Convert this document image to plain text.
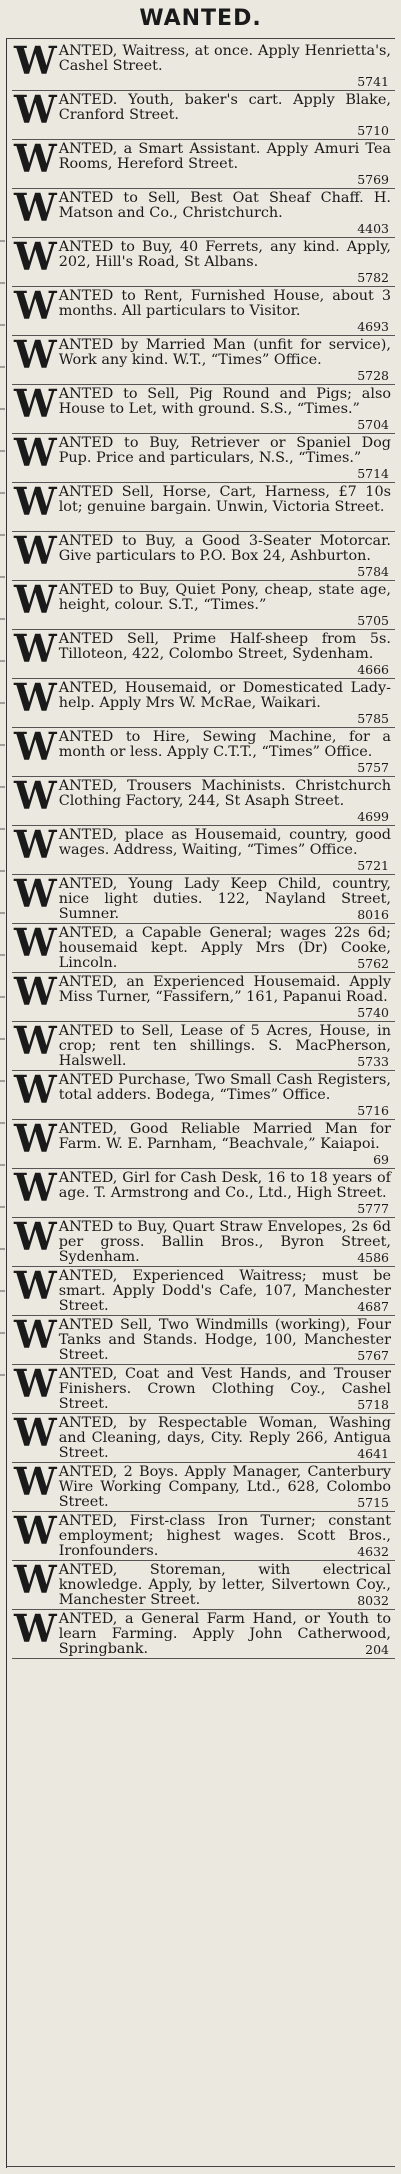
WANTED.
WANTED, Waitress, at once. Apply Henrietta's, Cashel Street.
5741
WANTED. Youth, baker's cart. Apply Blake, Cranford Street.
5710
WANTED, a Smart Assistant. Apply Amuri Tea Rooms, Hereford Street.
5769
WANTED to Sell, Best Oat Sheaf Chaff. H. Matson and Co., Christchurch.
4403
WANTED to Buy, 40 Ferrets, any kind. Apply, 202, Hill's Road, St Albans.
5782
WANTED to Rent, Furnished House, about 3 months. All particulars to Visitor.
4693
WANTED by Married Man (unfit for service), Work any kind. W.T., “Times” Office.
5728
WANTED to Sell, Pig Round and Pigs; also House to Let, with ground. S.S., “Times.”
5704
WANTED to Buy, Retriever or Spaniel Dog Pup. Price and particulars, N.S., “Times.”
5714
WANTED Sell, Horse, Cart, Harness, £7 10s lot; genuine bargain. Unwin, Victoria Street.
WANTED to Buy, a Good 3-Seater Motorcar. Give particulars to P.O. Box 24, Ashburton.
5784
WANTED to Buy, Quiet Pony, cheap, state age, height, colour. S.T., “Times.”
5705
WANTED Sell, Prime Half-sheep from 5s. Tilloteon, 422, Colombo Street, Sydenham.
4666
WANTED, Housemaid, or Domesticated Lady-help. Apply Mrs W. McRae, Waikari.
5785
WANTED to Hire, Sewing Machine, for a month or less. Apply C.T.T., “Times” Office.
5757
WANTED, Trousers Machinists. Christchurch Clothing Factory, 244, St Asaph Street.
4699
WANTED, place as Housemaid, country, good wages. Address, Waiting, “Times” Office.
5721
WANTED, Young Lady Keep Child, country, nice light duties. 122, Nayland Street, Sumner.	8016
WANTED, a Capable General; wages 22s 6d; housemaid kept. Apply Mrs (Dr) Cooke, Lincoln.	5762
WANTED, an Experienced Housemaid. Apply Miss Turner, “Fassifern,” 161, Papanui Road.
5740
WANTED to Sell, Lease of 5 Acres, House, in crop; rent ten shillings. S. MacPherson, Halswell.	5733
WANTED Purchase, Two Small Cash Registers, total adders. Bodega, “Times” Office.
5716
WANTED, Good Reliable Married Man for Farm. W. E. Parnham, “Beachvale,” Kaiapoi.
69
WANTED, Girl for Cash Desk, 16 to 18 years of age. T. Armstrong and Co., Ltd., High Street.
5777
WANTED to Buy, Quart Straw Envelopes, 2s 6d per gross. Ballin Bros., Byron Street, Sydenham.	4586
WANTED, Experienced Waitress; must be smart. Apply Dodd's Cafe, 107, Manchester Street.	4687
WANTED Sell, Two Windmills (working), Four Tanks and Stands. Hodge, 100, Manchester Street.	5767
WANTED, Coat and Vest Hands, and Trouser Finishers. Crown Clothing Coy., Cashel Street.	5718
WANTED, by Respectable Woman, Washing and Cleaning, days, City. Reply 266, Antigua Street.	4641
WANTED, 2 Boys. Apply Manager, Canterbury Wire Working Company, Ltd., 628, Colombo Street.	5715
WANTED, First-class Iron Turner; constant employment; highest wages. Scott Bros., Ironfounders.	4632
WANTED, Storeman, with electrical knowledge. Apply, by letter, Silvertown Coy., Manchester Street.	8032
WANTED, a General Farm Hand, or Youth to learn Farming. Apply John Catherwood, Springbank.	204
